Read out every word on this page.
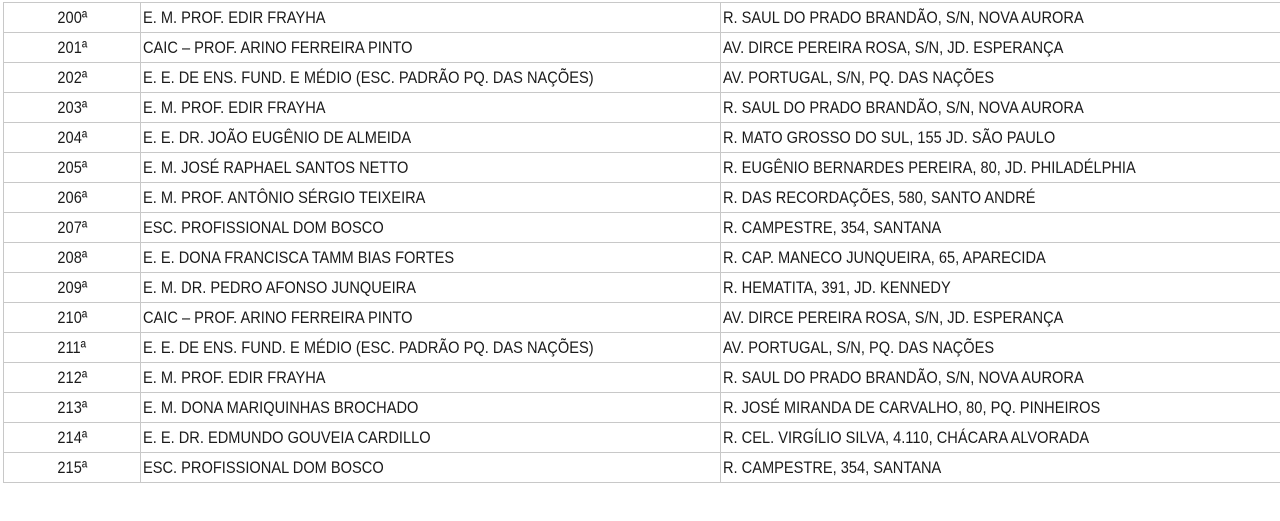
200ª	E. M. PROF. EDIR FRAYHA	R. SAUL DO PRADO BRANDÃO, S/N, NOVA AURORA
201ª	CAIC – PROF. ARINO FERREIRA PINTO	AV. DIRCE PEREIRA ROSA, S/N, JD. ESPERANÇA
202ª	E. E. DE ENS. FUND. E MÉDIO (ESC. PADRÃO PQ. DAS NAÇÕES)	AV. PORTUGAL, S/N, PQ. DAS NAÇÕES
203ª	E. M. PROF. EDIR FRAYHA	R. SAUL DO PRADO BRANDÃO, S/N, NOVA AURORA
204ª	E. E. DR. JOÃO EUGÊNIO DE ALMEIDA	R. MATO GROSSO DO SUL, 155 JD. SÃO PAULO
205ª	E. M. JOSÉ RAPHAEL SANTOS NETTO	R. EUGÊNIO BERNARDES PEREIRA, 80, JD. PHILADÉLPHIA
206ª	E. M. PROF. ANTÔNIO SÉRGIO TEIXEIRA	R. DAS RECORDAÇÕES, 580, SANTO ANDRÉ
207ª	ESC. PROFISSIONAL DOM BOSCO	R. CAMPESTRE, 354, SANTANA
208ª	E. E. DONA FRANCISCA TAMM BIAS FORTES	R. CAP. MANECO JUNQUEIRA, 65, APARECIDA
209ª	E. M. DR. PEDRO AFONSO JUNQUEIRA	R. HEMATITA, 391, JD. KENNEDY
210ª	CAIC – PROF. ARINO FERREIRA PINTO	AV. DIRCE PEREIRA ROSA, S/N, JD. ESPERANÇA
211ª	E. E. DE ENS. FUND. E MÉDIO (ESC. PADRÃO PQ. DAS NAÇÕES)	AV. PORTUGAL, S/N, PQ. DAS NAÇÕES
212ª	E. M. PROF. EDIR FRAYHA	R. SAUL DO PRADO BRANDÃO, S/N, NOVA AURORA
213ª	E. M. DONA MARIQUINHAS BROCHADO	R. JOSÉ MIRANDA DE CARVALHO, 80, PQ. PINHEIROS
214ª	E. E. DR. EDMUNDO GOUVEIA CARDILLO	R. CEL. VIRGÍLIO SILVA, 4.110, CHÁCARA ALVORADA
215ª	ESC. PROFISSIONAL DOM BOSCO	R. CAMPESTRE, 354, SANTANA
